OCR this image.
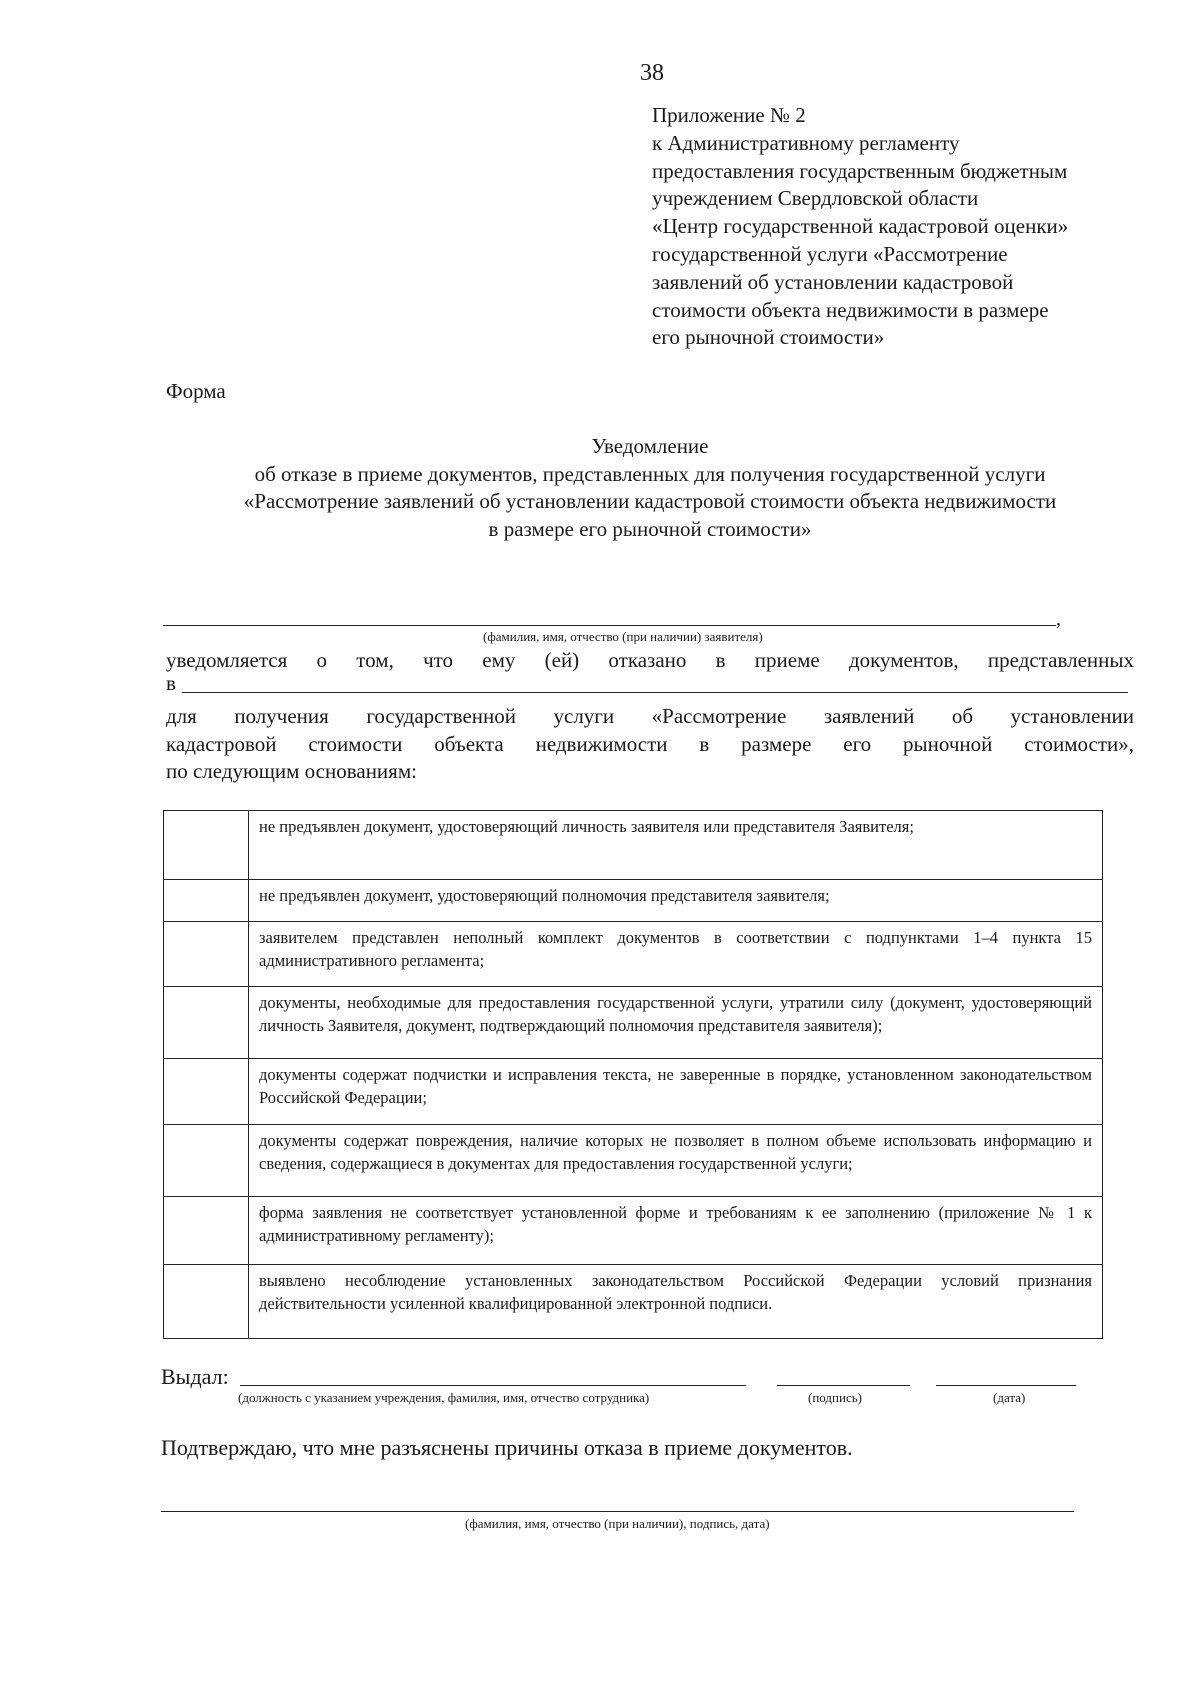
38
Приложение № 2
к Административному регламенту
предоставления государственным бюджетным
учреждением Свердловской области
«Центр государственной кадастровой оценки»
государственной услуги «Рассмотрение
заявлений об установлении кадастровой
стоимости объекта недвижимости в размере
его рыночной стоимости»
Форма
Уведомление
об отказе в приеме документов, представленных для получения государственной услуги
«Рассмотрение заявлений об установлении кадастровой стоимости объекта недвижимости
в размере его рыночной стоимости»
,
(фамилия, имя, отчество (при наличии) заявителя)
уведомляется о том, что ему (ей) отказано в приеме документов, представленных
в
для получения государственной услуги «Рассмотрение заявлений об установлении
кадастровой стоимости объекта недвижимости в размере его рыночной стоимости»,
по следующим основаниям:
	не предъявлен документ, удостоверяющий личность заявителя или представителя Заявителя;
	не предъявлен документ, удостоверяющий полномочия представителя заявителя;
	заявителем представлен неполный комплект документов в соответствии с подпунктами 1–4 пункта 15 административного регламента;
	документы, необходимые для предоставления государственной услуги, утратили силу (документ, удостоверяющий личность Заявителя, документ, подтверждающий полномочия представителя заявителя);
	документы содержат подчистки и исправления текста, не заверенные в порядке, установленном законодательством Российской Федерации;
	документы содержат повреждения, наличие которых не позволяет в полном объеме использовать информацию и сведения, содержащиеся в документах для предоставления государственной услуги;
	форма заявления не соответствует установленной форме и требованиям к ее заполнению (приложение № 1 к административному регламенту);
	выявлено несоблюдение установленных законодательством Российской Федерации условий признания действительности усиленной квалифицированной электронной подписи.
Выдал:
(должность с указанием учреждения, фамилия, имя, отчество сотрудника)	(подпись)	(дата)
Подтверждаю, что мне разъяснены причины отказа в приеме документов.
(фамилия, имя, отчество (при наличии), подпись, дата)
